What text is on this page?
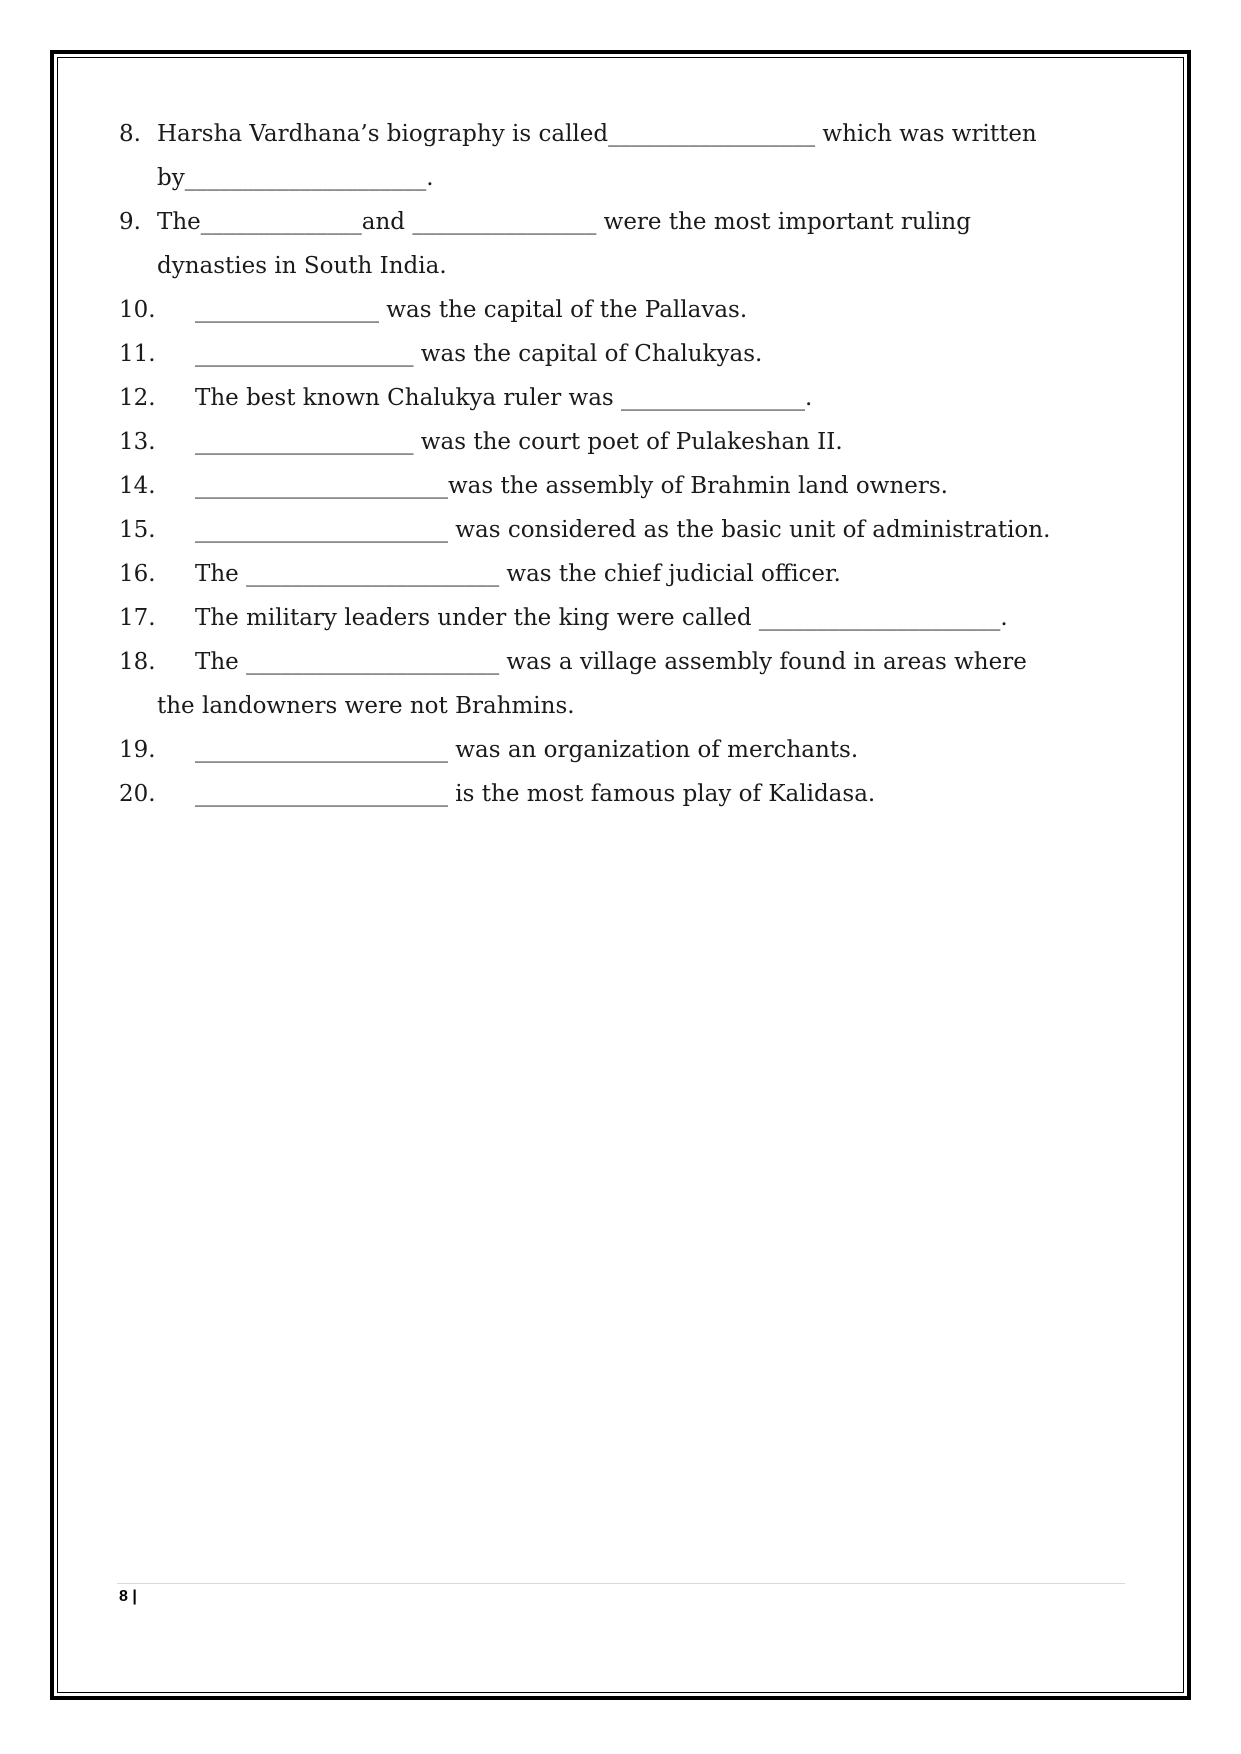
8. Harsha Vardhana’s biography is called__________________ which was written
by_____________________.
9. The______________and ________________ were the most important ruling
dynasties in South India.
10.	________________ was the capital of the Pallavas.
11.	___________________ was the capital of Chalukyas.
12.	The best known Chalukya ruler was ________________.
13.	___________________ was the court poet of Pulakeshan II.
14.	______________________was the assembly of Brahmin land owners.
15.	______________________ was considered as the basic unit of administration.
16.	The ______________________ was the chief judicial officer.
17.	The military leaders under the king were called _____________________.
18.	The ______________________ was a village assembly found in areas where
the landowners were not Brahmins.
19.	______________________ was an organization of merchants.
20.	______________________ is the most famous play of Kalidasa.
8 |
